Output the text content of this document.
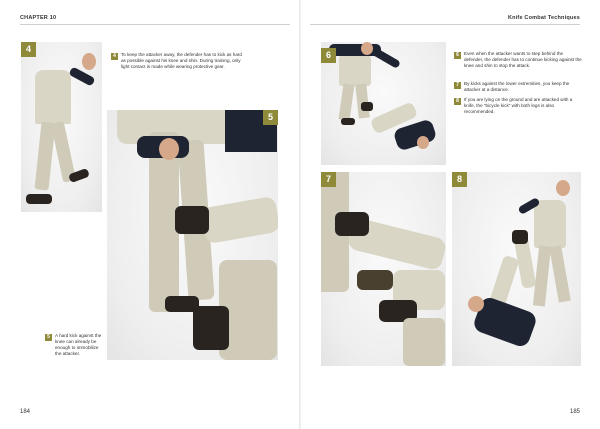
CHAPTER 10
4
4	To keep the attacker away, the defender has to kick as hard as possible against his knee and shin. During training, only light contact is made while wearing protective gear.
5
5	A hard kick against the knee can already be enough to immobilize the attacker.
184
Knife Combat Techniques
6	6	Even when the attacker wants to step behind the defender, the defender has to continue kicking against the knee and shin to stop the attack.
7	By kicks against the lower extremities, you keep the attacker at a distance.
8	If you are lying on the ground and are attacked with a knife, the "bicycle kick" with both legs is also recommended.
7	8
185
